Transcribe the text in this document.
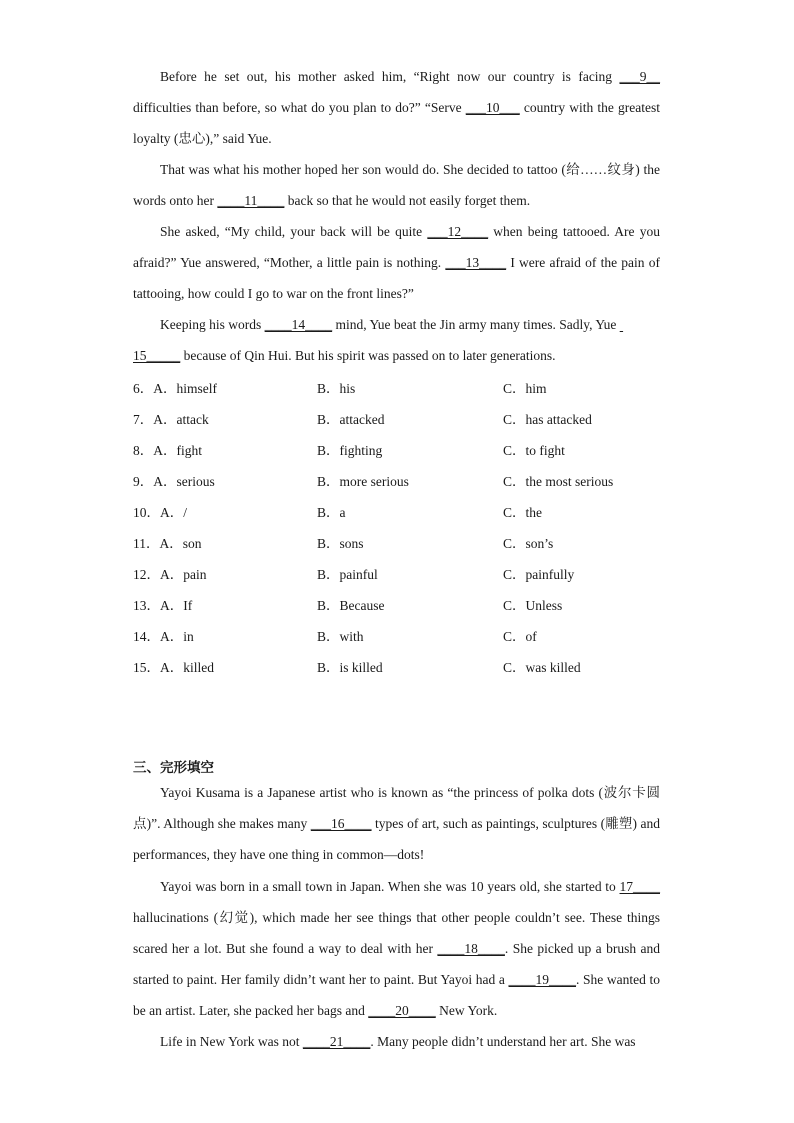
Before he set out, his mother asked him, “Right now our country is facing ___9__ difficulties than before, so what do you plan to do?” “Serve ___10___ country with the greatest loyalty (忠心),” said Yue.

That was what his mother hoped her son would do. She decided to tattoo (给……纹身) the words onto her ____11____ back so that he would not easily forget them.

She asked, “My child, your back will be quite ___12____ when being tattooed. Are you afraid?” Yue answered, “Mother, a little pain is nothing. ___13____ I were afraid of the pain of tattooing, how could I go to war on the front lines?”

Keeping his words ____14____ mind, Yue beat the Jin army many times. Sadly, Yue
15_____ because of Qin Hui. But his spirit was passed on to later generations.

6．A．himself	B．his	C．him
7．A．attack	B．attacked	C．has attacked
8．A．fight	B．fighting	C．to fight
9．A．serious	B．more serious	C．the most serious
10．A．/	B．a	C．the
11．A．son	B．sons	C．son’s
12．A．pain	B．painful	C．painfully
13．A．If	B．Because	C．Unless
14．A．in	B．with	C．of
15．A．killed	B．is killed	C．was killed
三、完形填空

Yayoi Kusama is a Japanese artist who is known as “the princess of polka dots (波尔卡圆点)”. Although she makes many ___16____ types of art, such as paintings, sculptures (雕塑) and performances, they have one thing in common—dots!

Yayoi was born in a small town in Japan. When she was 10 years old, she started to 17____ hallucinations (幻觉), which made her see things that other people couldn’t see. These things scared her a lot. But she found a way to deal with her ____18____. She picked up a brush and started to paint. Her family didn’t want her to paint. But Yayoi had a ____19____. She wanted to be an artist. Later, she packed her bags and ____20____ New York.

Life in New York was not ____21____. Many people didn’t understand her art. She was
